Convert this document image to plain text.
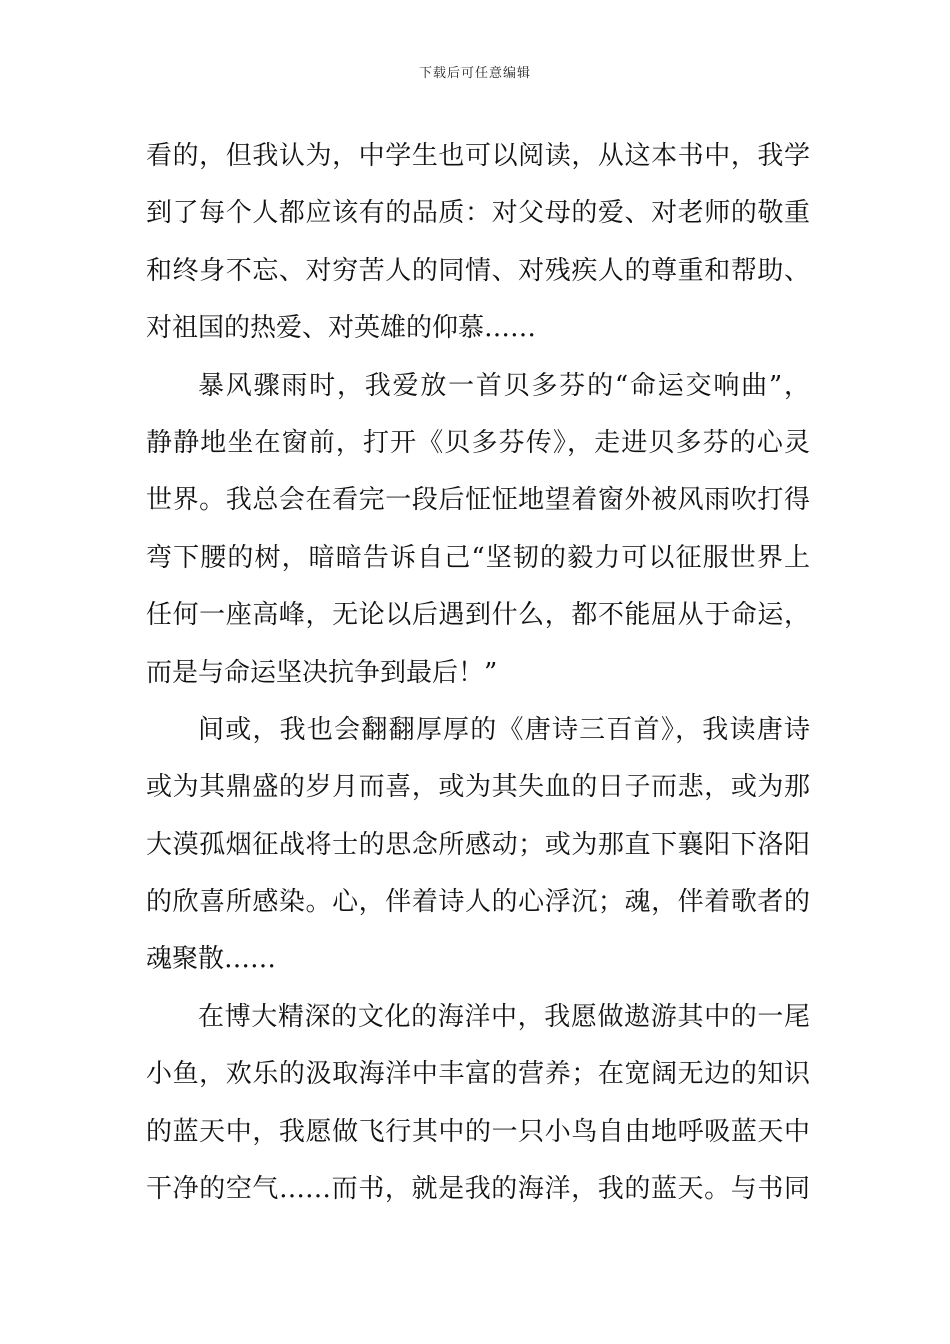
下载后可任意编辑
看的，但我认为，中学生也可以阅读，从这本书中，我学
到了每个人都应该有的品质：对父母的爱、对老师的敬重
和终身不忘、对穷苦人的同情、对残疾人的尊重和帮助、
对祖国的热爱、对英雄的仰慕……
暴风骤雨时，我爱放一首贝多芬的“命运交响曲”，
静静地坐在窗前，打开《贝多芬传》，走进贝多芬的心灵
世界。我总会在看完一段后怔怔地望着窗外被风雨吹打得
弯下腰的树，暗暗告诉自己“坚韧的毅力可以征服世界上
任何一座高峰，无论以后遇到什么，都不能屈从于命运，
而是与命运坚决抗争到最后！”
间或，我也会翻翻厚厚的《唐诗三百首》，我读唐诗
或为其鼎盛的岁月而喜，或为其失血的日子而悲，或为那
大漠孤烟征战将士的思念所感动；或为那直下襄阳下洛阳
的欣喜所感染。心，伴着诗人的心浮沉；魂，伴着歌者的
魂聚散……
在博大精深的文化的海洋中，我愿做遨游其中的一尾
小鱼，欢乐的汲取海洋中丰富的营养；在宽阔无边的知识
的蓝天中，我愿做飞行其中的一只小鸟自由地呼吸蓝天中
干净的空气……而书，就是我的海洋，我的蓝天。与书同
